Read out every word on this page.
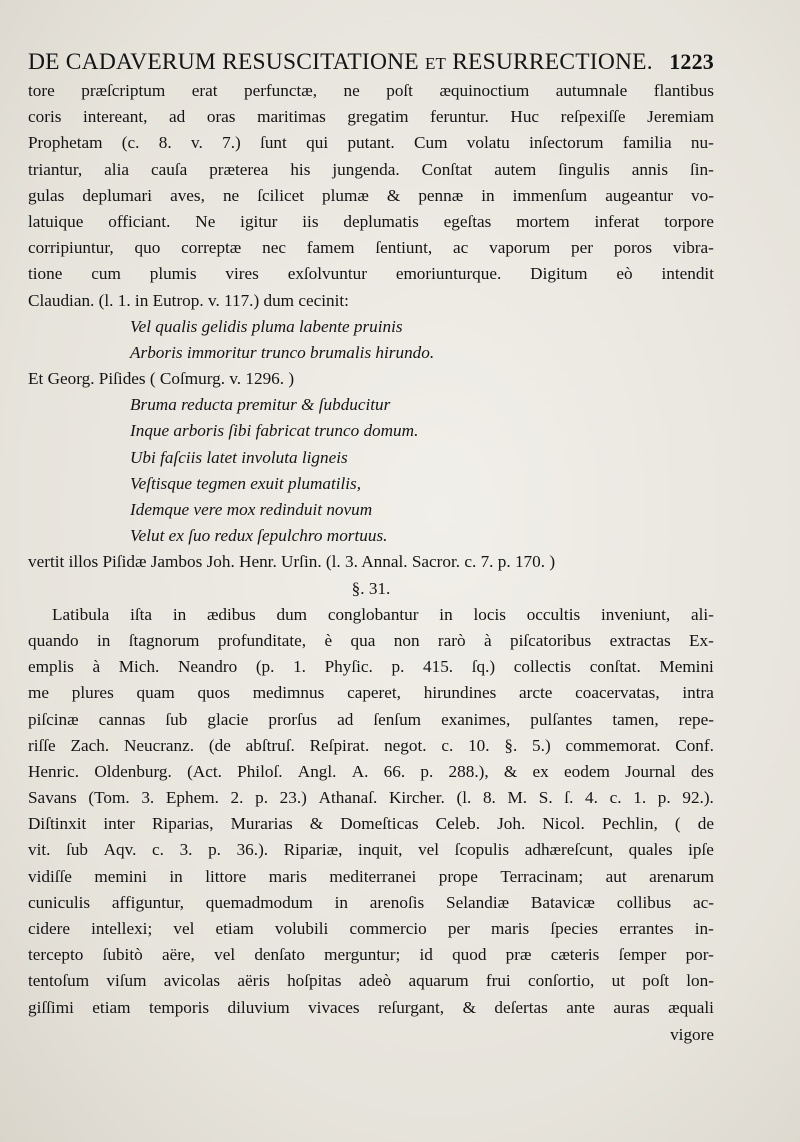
DE CADAVERUM RESUSCITATIONE ET RESURRECTIONE. 1223
tore præſcriptum erat perfunctæ, ne poſt æquinoctium autumnale flantibus
coris intereant, ad oras maritimas gregatim feruntur. Huc reſpexiſſe Jeremiam
Prophetam (c. 8. v. 7.) ſunt qui putant. Cum volatu inſectorum familia nu-
triantur, alia cauſa præterea his jungenda. Conſtat autem ſingulis annis ſin-
gulas deplumari aves, ne ſcilicet plumæ & pennæ in immenſum augeantur vo-
latuique officiant. Ne igitur iis deplumatis egeſtas mortem inferat torpore
corripiuntur, quo correptæ nec famem ſentiunt, ac vaporum per poros vibra-
tione cum plumis vires exſolvuntur emoriunturque. Digitum eò intendit
Claudian. (l. 1. in Eutrop. v. 117.) dum cecinit:
Vel qualis gelidis pluma labente pruinis
Arboris immoritur trunco brumalis hirundo.
Et Georg. Piſides ( Coſmurg. v. 1296. )
Bruma reducta premitur & ſubducitur
Inque arboris ſibi fabricat trunco domum.
Ubi faſciis latet involuta ligneis
Veſtisque tegmen exuit plumatilis,
Idemque vere mox redinduit novum
Velut ex ſuo redux ſepulchro mortuus.
vertit illos Piſidæ Jambos Joh. Henr. Urſin. (l. 3. Annal. Sacror. c. 7. p. 170. )
§. 31.
Latibula iſta in ædibus dum conglobantur in locis occultis inveniunt, ali-
quando in ſtagnorum profunditate, è qua non rarò à piſcatoribus extractas Ex-
emplis à Mich. Neandro (p. 1. Phyſic. p. 415. ſq.) collectis conſtat. Memini
me plures quam quos medimnus caperet, hirundines arcte coacervatas, intra
piſcinæ cannas ſub glacie prorſus ad ſenſum exanimes, pulſantes tamen, repe-
riſſe Zach. Neucranz. (de abſtruſ. Reſpirat. negot. c. 10. §. 5.) commemorat. Conf.
Henric. Oldenburg. (Act. Philoſ. Angl. A. 66. p. 288.), & ex eodem Journal des
Savans (Tom. 3. Ephem. 2. p. 23.) Athanaſ. Kircher. (l. 8. M. S. ſ. 4. c. 1. p. 92.).
Diſtinxit inter Riparias, Murarias & Domeſticas Celeb. Joh. Nicol. Pechlin, ( de
vit. ſub Aqv. c. 3. p. 36.). Ripariæ, inquit, vel ſcopulis adhæreſcunt, quales ipſe
vidiſſe memini in littore maris mediterranei prope Terracinam; aut arenarum
cuniculis affiguntur, quemadmodum in arenoſis Selandiæ Batavicæ collibus ac-
cidere intellexi; vel etiam volubili commercio per maris ſpecies errantes in-
tercepto ſubitò aëre, vel denſato merguntur; id quod præ cæteris ſemper por-
tentoſum viſum avicolas aëris hoſpitas adeò aquarum frui conſortio, ut poſt lon-
giſſimi etiam temporis diluvium vivaces reſurgant, & deſertas ante auras æquali
vigore
